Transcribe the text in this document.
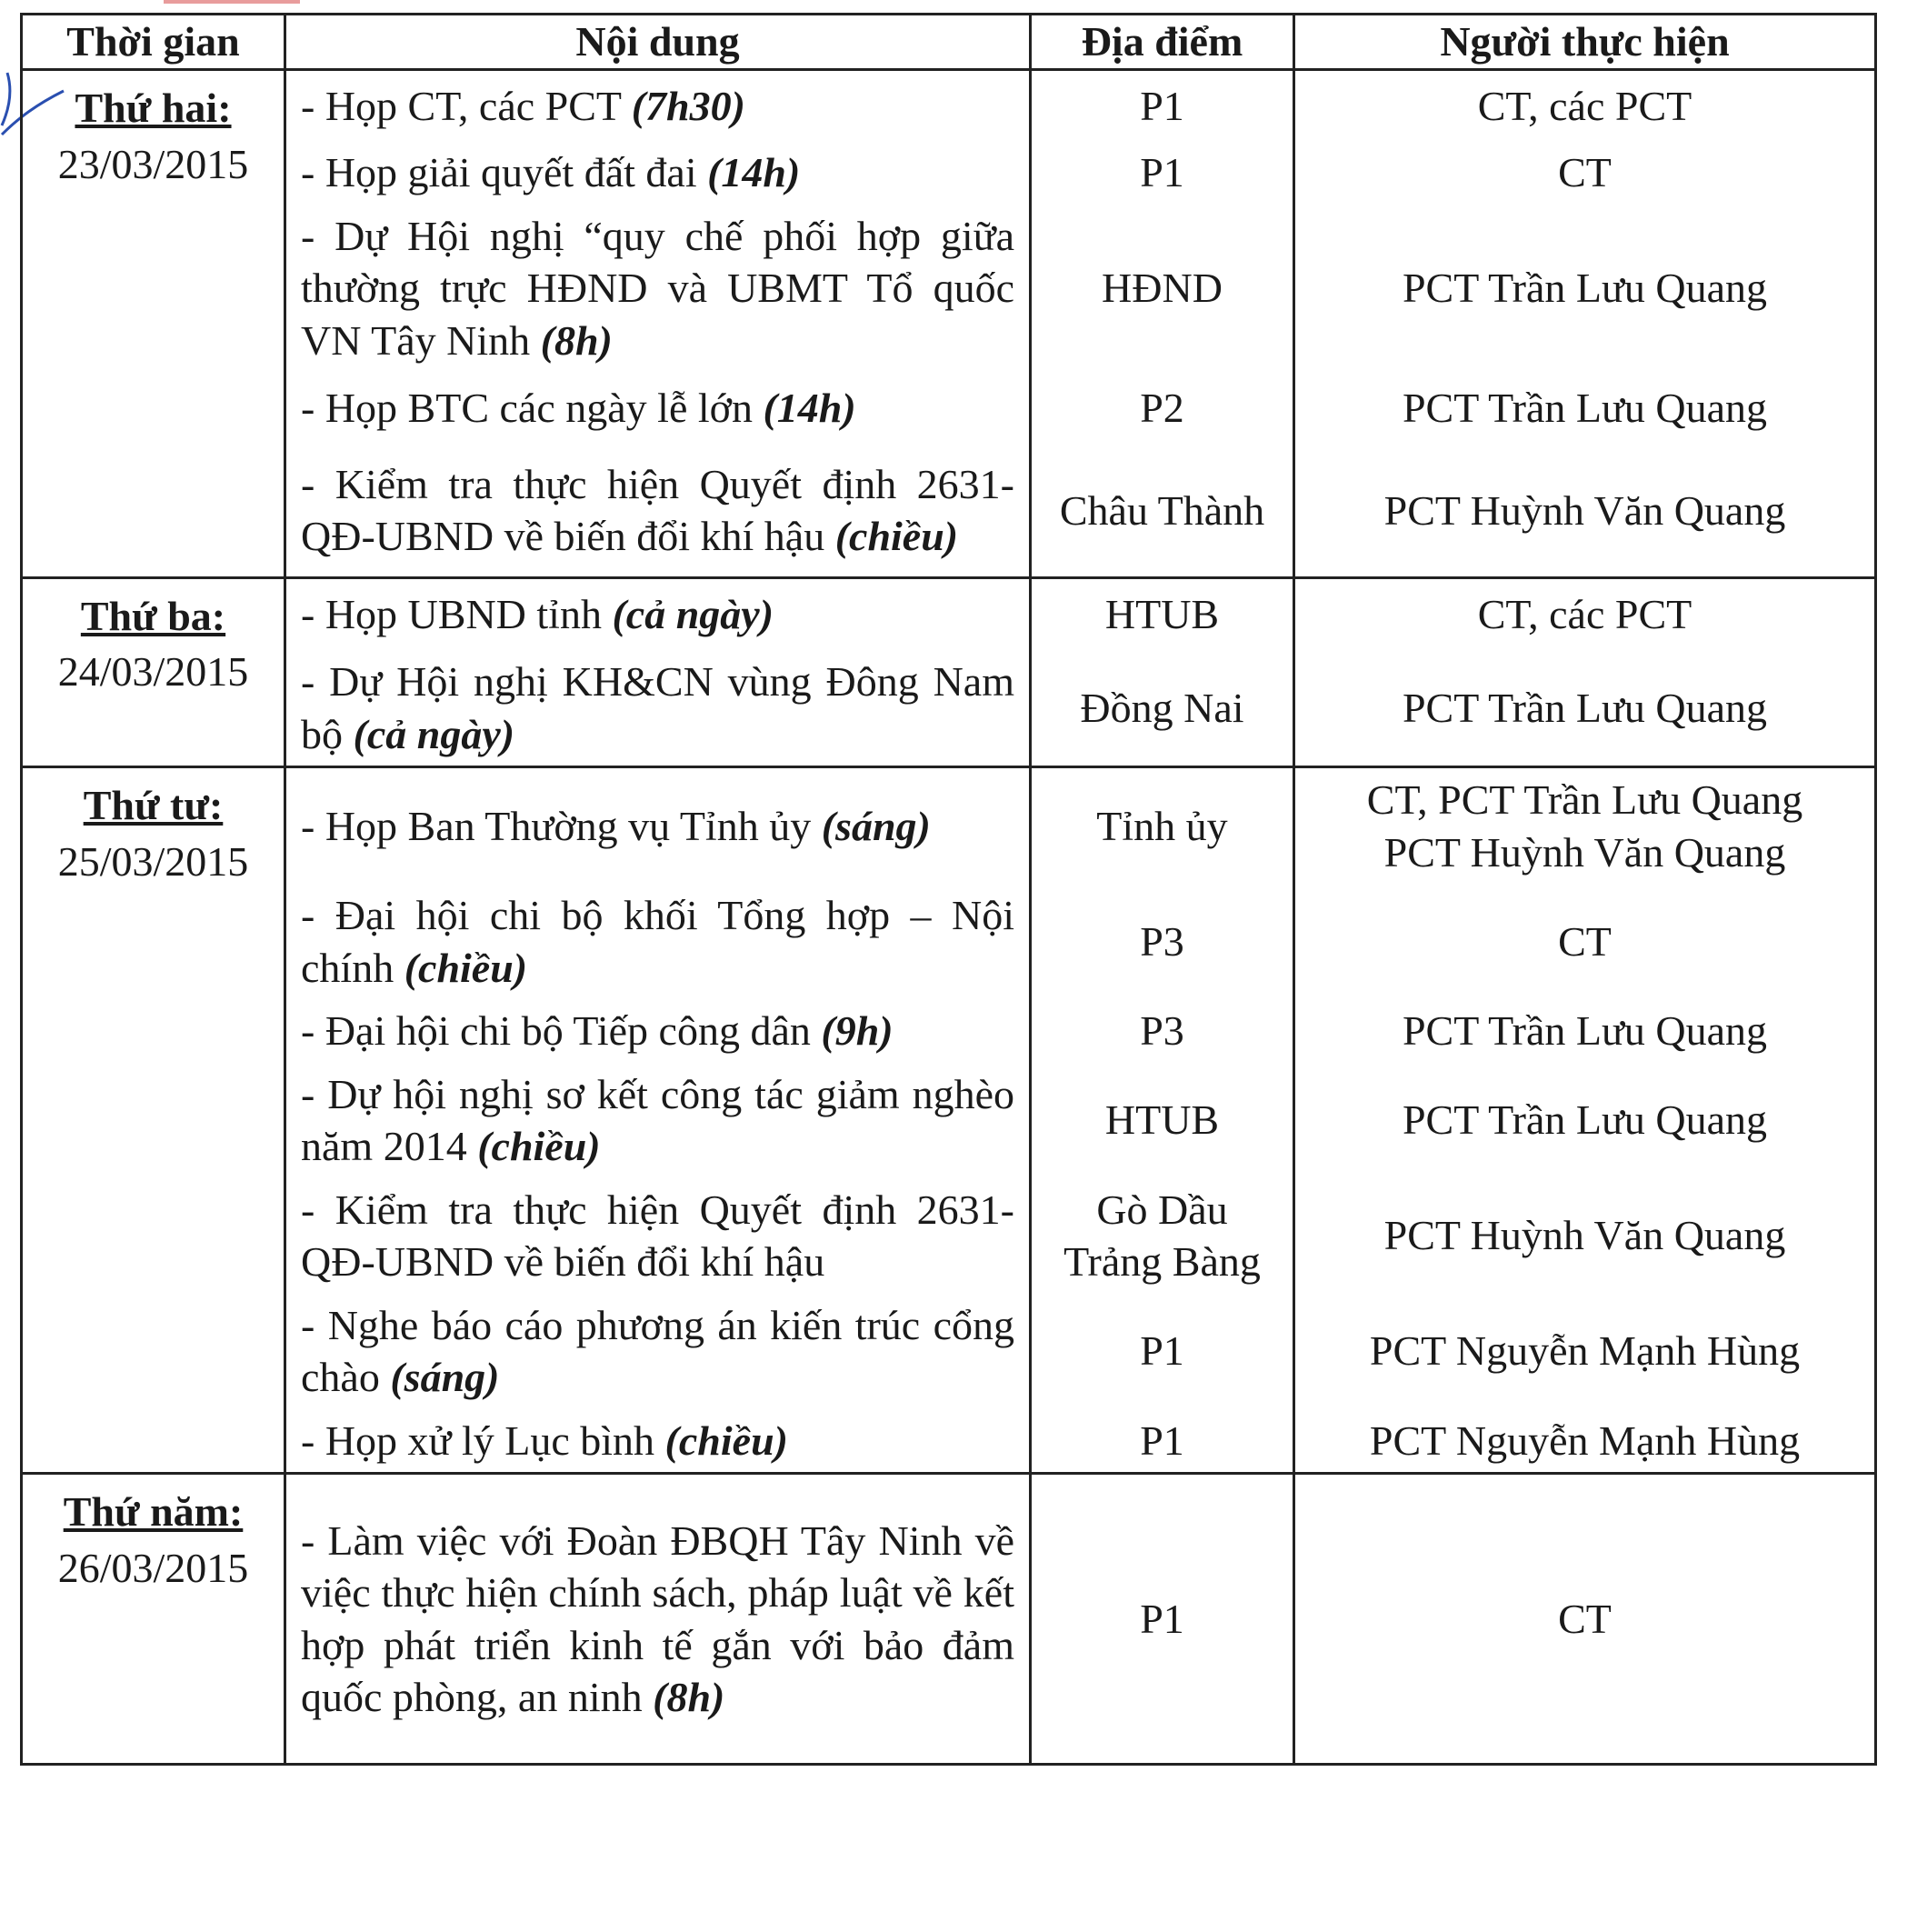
Thời gian	Nội dung	Địa điểm	Người thực hiện

Thứ hai:
23/03/2015	- Họp CT, các PCT (7h30)	P1	CT, các PCT

	- Họp giải quyết đất đai (14h)	P1	CT

	- Dự Hội nghị “quy chế phối hợp giữa thường trực HĐND và UBMT Tổ quốc VN Tây Ninh (8h)	HĐND	PCT Trần Lưu Quang

	- Họp BTC các ngày lễ lớn (14h)	P2	PCT Trần Lưu Quang

	- Kiểm tra thực hiện Quyết định 2631-QĐ-UBND về biến đổi khí hậu (chiều)	Châu Thành	PCT Huỳnh Văn Quang

Thứ ba:
24/03/2015	- Họp UBND tỉnh (cả ngày)	HTUB	CT, các PCT

	- Dự Hội nghị KH&CN vùng Đông Nam bộ (cả ngày)	Đồng Nai	PCT Trần Lưu Quang

Thứ tư:
25/03/2015	- Họp Ban Thường vụ Tỉnh ủy (sáng)	Tỉnh ủy	CT, PCT Trần Lưu Quang
PCT Huỳnh Văn Quang

	- Đại hội chi bộ khối Tổng hợp – Nội chính (chiều)	P3	CT

	- Đại hội chi bộ Tiếp công dân (9h)	P3	PCT Trần Lưu Quang

	- Dự hội nghị sơ kết công tác giảm nghèo năm 2014 (chiều)	HTUB	PCT Trần Lưu Quang

	- Kiểm tra thực hiện Quyết định 2631-QĐ-UBND về biến đổi khí hậu	Gò Dầu
Trảng Bàng	PCT Huỳnh Văn Quang

	- Nghe báo cáo phương án kiến trúc cổng chào (sáng)	P1	PCT Nguyễn Mạnh Hùng

	- Họp xử lý Lục bình (chiều)	P1	PCT Nguyễn Mạnh Hùng

Thứ năm:
26/03/2015	- Làm việc với Đoàn ĐBQH Tây Ninh về việc thực hiện chính sách, pháp luật về kết hợp phát triển kinh tế gắn với bảo đảm quốc phòng, an ninh (8h)	P1	CT
